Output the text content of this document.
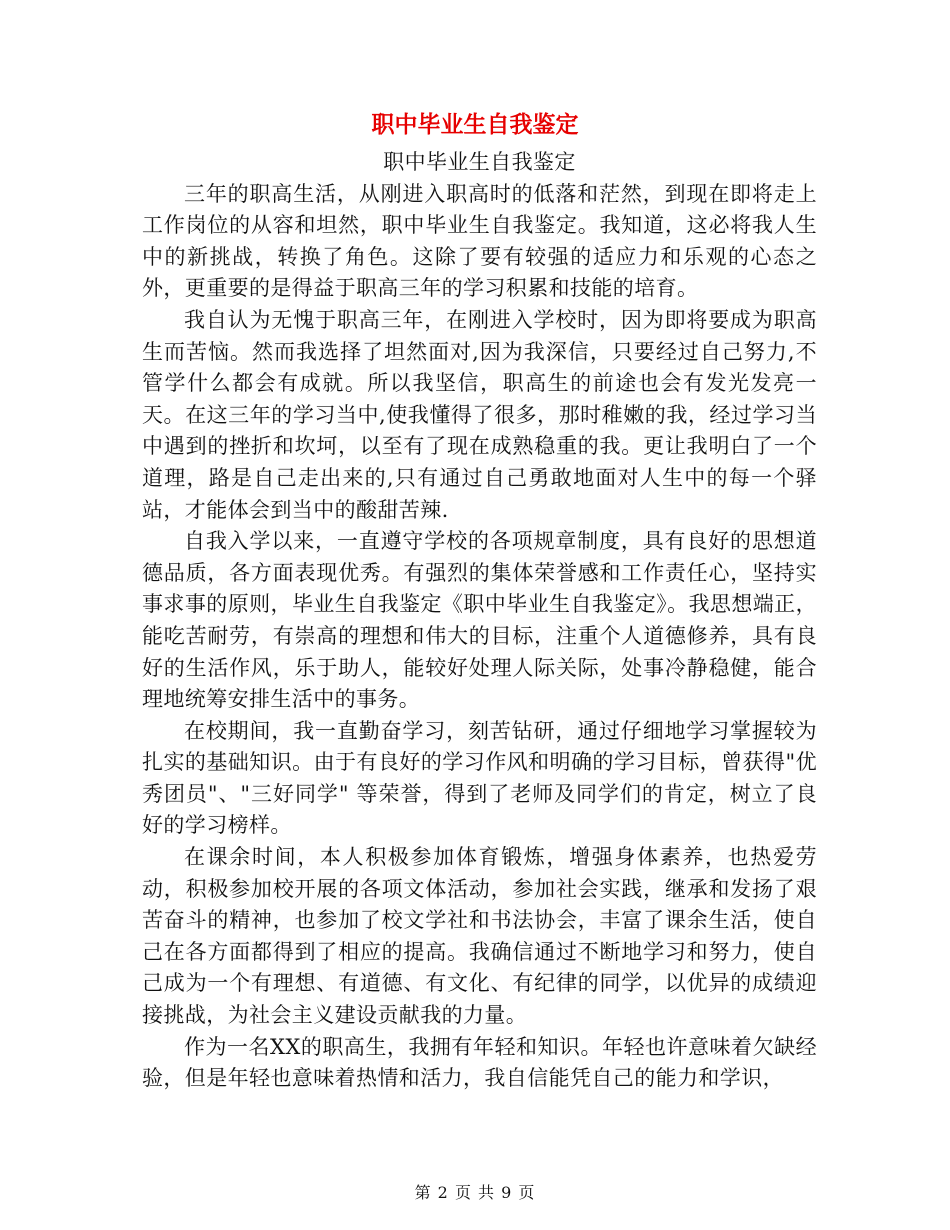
职中毕业生自我鉴定

职中毕业生自我鉴定

三年的职高生活，从刚进入职高时的低落和茫然，到现在即将走上工作岗位的从容和坦然，职中毕业生自我鉴定。我知道，这必将我人生中的新挑战，转换了角色。这除了要有较强的适应力和乐观的心态之外，更重要的是得益于职高三年的学习积累和技能的培育。

我自认为无愧于职高三年，在刚进入学校时，因为即将要成为职高生而苦恼。然而我选择了坦然面对,因为我深信，只要经过自己努力,不管学什么都会有成就。所以我坚信，职高生的前途也会有发光发亮一天。在这三年的学习当中,使我懂得了很多，那时稚嫩的我，经过学习当中遇到的挫折和坎坷，以至有了现在成熟稳重的我。更让我明白了一个道理，路是自己走出来的,只有通过自己勇敢地面对人生中的每一个驿站，才能体会到当中的酸甜苦辣.

自我入学以来，一直遵守学校的各项规章制度，具有良好的思想道德品质，各方面表现优秀。有强烈的集体荣誉感和工作责任心，坚持实事求事的原则，毕业生自我鉴定《职中毕业生自我鉴定》。我思想端正，能吃苦耐劳，有崇高的理想和伟大的目标，注重个人道德修养，具有良好的生活作风，乐于助人，能较好处理人际关际，处事冷静稳健，能合理地统筹安排生活中的事务。

在校期间，我一直勤奋学习，刻苦钻研，通过仔细地学习掌握较为扎实的基础知识。由于有良好的学习作风和明确的学习目标，曾获得"优秀团员"、"三好同学" 等荣誉，得到了老师及同学们的肯定，树立了良好的学习榜样。

在课余时间，本人积极参加体育锻炼，增强身体素养，也热爱劳动，积极参加校开展的各项文体活动，参加社会实践，继承和发扬了艰苦奋斗的精神，也参加了校文学社和书法协会，丰富了课余生活，使自己在各方面都得到了相应的提高。我确信通过不断地学习和努力，使自己成为一个有理想、有道德、有文化、有纪律的同学，以优异的成绩迎接挑战，为社会主义建设贡献我的力量。

作为一名XX的职高生，我拥有年轻和知识。年轻也许意味着欠缺经验，但是年轻也意味着热情和活力，我自信能凭自己的能力和学识，

第 2 页 共 9 页
